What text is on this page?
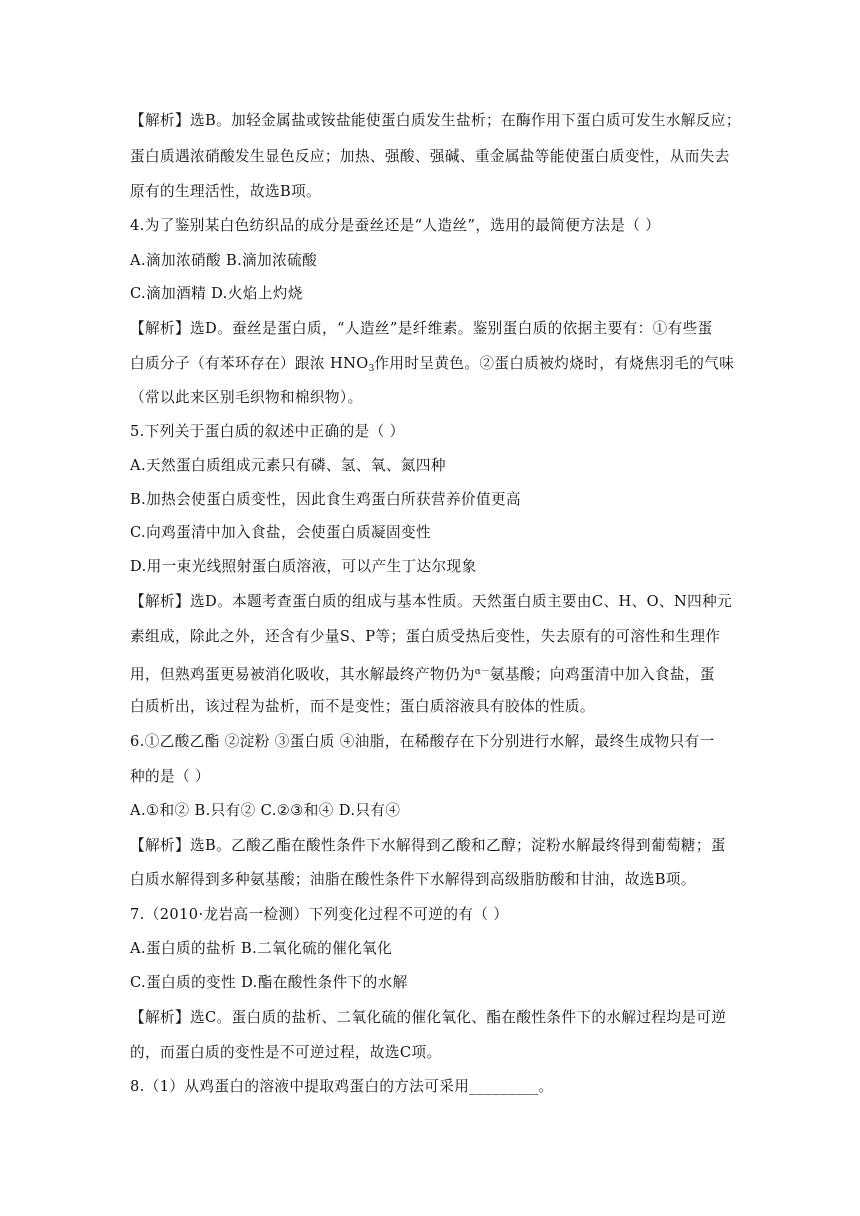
【解析】选B。加轻金属盐或铵盐能使蛋白质发生盐析；在酶作用下蛋白质可发生水解反应；
蛋白质遇浓硝酸发生显色反应；加热、强酸、强碱、重金属盐等能使蛋白质变性，从而失去
原有的生理活性，故选B项。
4.为了鉴别某白色纺织品的成分是蚕丝还是“人造丝”，选用的最简便方法是（ ）
A.滴加浓硝酸 B.滴加浓硫酸
C.滴加酒精 D.火焰上灼烧
【解析】选D。蚕丝是蛋白质，“人造丝”是纤维素。鉴别蛋白质的依据主要有：①有些蛋
白质分子（有苯环存在）跟浓 $HNO_3$作用时呈黄色。②蛋白质被灼烧时，有烧焦羽毛的气味
（常以此来区别毛织物和棉织物）。
5.下列关于蛋白质的叙述中正确的是（ ）
A.天然蛋白质组成元素只有磷、氢、氧、氮四种
B.加热会使蛋白质变性，因此食生鸡蛋白所获营养价值更高
C.向鸡蛋清中加入食盐，会使蛋白质凝固变性
D.用一束光线照射蛋白质溶液，可以产生丁达尔现象
【解析】选D。本题考查蛋白质的组成与基本性质。天然蛋白质主要由C、H、O、N四种元
素组成，除此之外，还含有少量S、P等；蛋白质受热后变性，失去原有的可溶性和生理作
用，但熟鸡蛋更易被消化吸收，其水解最终产物仍为$^{\alpha-}$氨基酸；向鸡蛋清中加入食盐，蛋
白质析出，该过程为盐析，而不是变性；蛋白质溶液具有胶体的性质。
6.①乙酸乙酯 ②淀粉 ③蛋白质 ④油脂，在稀酸存在下分别进行水解，最终生成物只有一
种的是（ ）
A.①和② B.只有② C.②③和④ D.只有④
【解析】选B。乙酸乙酯在酸性条件下水解得到乙酸和乙醇；淀粉水解最终得到葡萄糖；蛋
白质水解得到多种氨基酸；油脂在酸性条件下水解得到高级脂肪酸和甘油，故选B项。
7.（2010·龙岩高一检测）下列变化过程不可逆的有（ ）
A.蛋白质的盐析 B.二氧化硫的催化氧化
C.蛋白质的变性 D.酯在酸性条件下的水解
【解析】选C。蛋白质的盐析、二氧化硫的催化氧化、酯在酸性条件下的水解过程均是可逆
的，而蛋白质的变性是不可逆过程，故选C项。
8.（1）从鸡蛋白的溶液中提取鸡蛋白的方法可采用_________。
